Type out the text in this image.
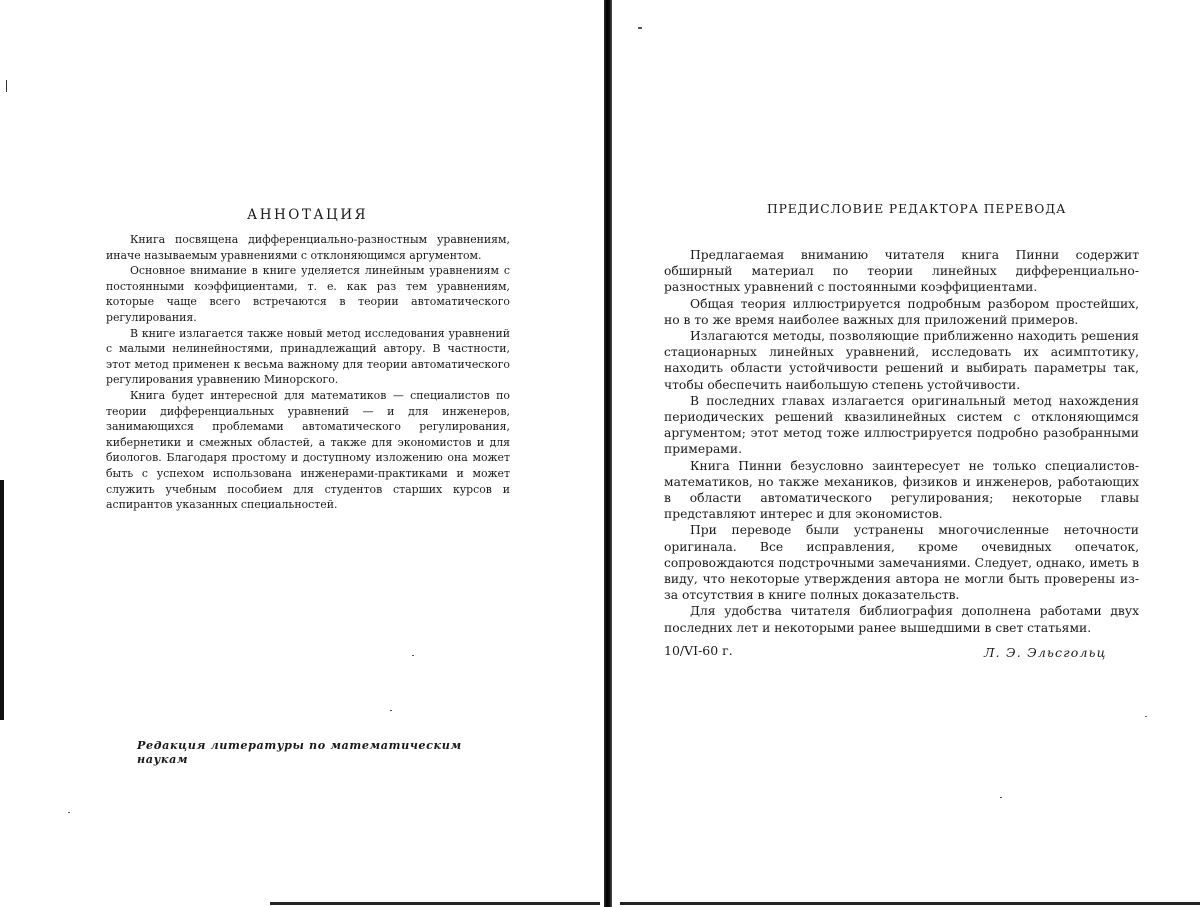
АННОТАЦИЯ

Книга посвящена дифференциально-разностным уравнениям, иначе называемым уравнениями с отклоняющимся аргументом.

Основное внимание в книге уделяется линейным уравнениям с постоянными коэффициентами, т. е. как раз тем уравнениям, которые чаще всего встречаются в теории автоматического регулирования.

В книге излагается также новый метод исследования уравнений с малыми нелинейностями, принадлежащий автору. В частности, этот метод применен к весьма важному для теории автоматического регулирования уравнению Минорского.

Книга будет интересной для математиков — специалистов по теории дифференциальных уравнений — и для инженеров, занимающихся проблемами автоматического регулирования, кибернетики и смежных областей, а также для экономистов и для биологов. Благодаря простому и доступному изложению она может быть с успехом использована инженерами-практиками и может служить учебным пособием для студентов старших курсов и аспирантов указанных специальностей.

Редакция литературы по математическим наукам
ПРЕДИСЛОВИЕ РЕДАКТОРА ПЕРЕВОДА

Предлагаемая вниманию читателя книга Пинни содержит обширный материал по теории линейных дифференциально-разностных уравнений с постоянными коэффициентами.

Общая теория иллюстрируется подробным разбором простейших, но в то же время наиболее важных для приложений примеров.

Излагаются методы, позволяющие приближенно находить решения стационарных линейных уравнений, исследовать их асимптотику, находить области устойчивости решений и выбирать параметры так, чтобы обеспечить наибольшую степень устойчивости.

В последних главах излагается оригинальный метод нахождения периодических решений квазилинейных систем с отклоняющимся аргументом; этот метод тоже иллюстрируется подробно разобранными примерами.

Книга Пинни безусловно заинтересует не только специалистов-математиков, но также механиков, физиков и инженеров, работающих в области автоматического регулирования; некоторые главы представляют интерес и для экономистов.

При переводе были устранены многочисленные неточности оригинала. Все исправления, кроме очевидных опечаток, сопровождаются подстрочными замечаниями. Следует, однако, иметь в виду, что некоторые утверждения автора не могли быть проверены из-за отсутствия в книге полных доказательств.

Для удобства читателя библиография дополнена работами двух последних лет и некоторыми ранее вышедшими в свет статьями.

10/VI-60 г.	Л. Э. Эльсгольц
